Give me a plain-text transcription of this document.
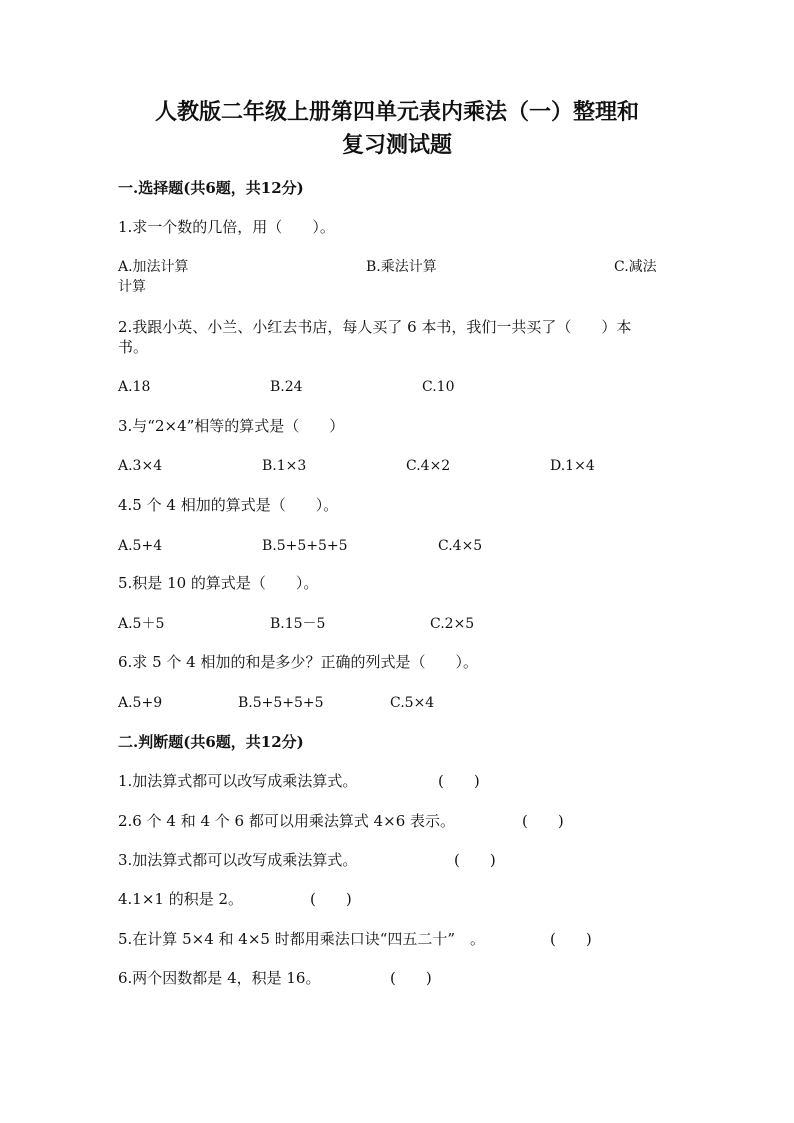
人教版二年级上册第四单元表内乘法（一）整理和
复习测试题
一.选择题(共6题，共12分)
1.求一个数的几倍，用（　　）。
A.加法计算	B.乘法计算	C.减法
计算
2.我跟小英、小兰、小红去书店，每人买了 6 本书，我们一共买了（　　）本
书。
A.18	B.24	C.10
3.与“2×4”相等的算式是（　　）
A.3×4	B.1×3	C.4×2	D.1×4
4.5 个 4 相加的算式是（　　）。
A.5+4	B.5+5+5+5	C.4×5
5.积是 10 的算式是（　　）。
A.5＋5	B.15－5	C.2×5
6.求 5 个 4 相加的和是多少？正确的列式是（　　）。
A.5+9	B.5+5+5+5	C.5×4
二.判断题(共6题，共12分)
1.加法算式都可以改写成乘法算式。	(　　)
2.6 个 4 和 4 个 6 都可以用乘法算式 4×6 表示。	(　　)
3.加法算式都可以改写成乘法算式。	(　　)
4.1×1 的积是 2。	(　　)
5.在计算 5×4 和 4×5 时都用乘法口诀“四五二十”　。	(　　)
6.两个因数都是 4，积是 16。	(　　)
